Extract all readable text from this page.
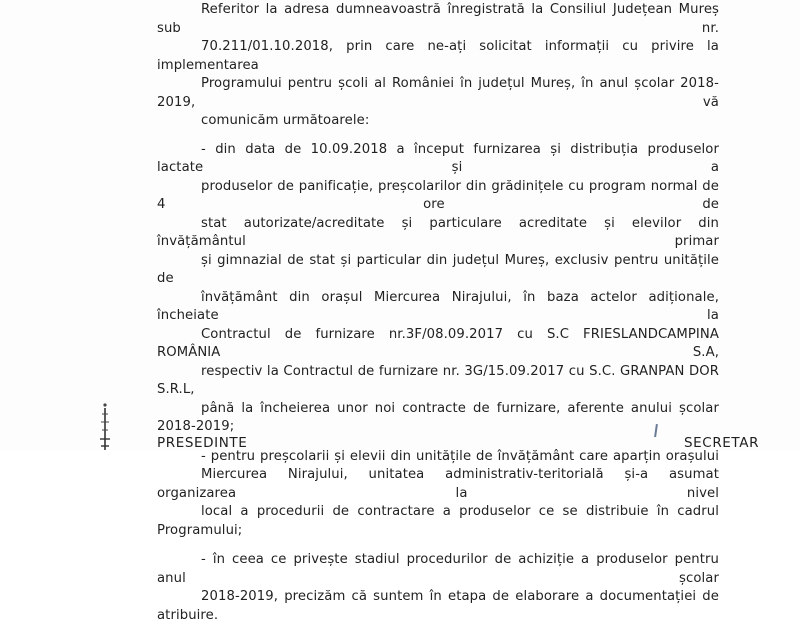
Referitor la adresa dumneavoastră înregistrată la Consiliul Județean Mureș sub nr.
70.211/01.10.2018, prin care ne-ați solicitat informații cu privire la implementarea
Programului pentru școli al României în județul Mureș, în anul școlar 2018-2019, vă
comunicăm următoarele:

- din data de 10.09.2018 a început furnizarea și distribuția produselor lactate și a
produselor de panificație, preșcolarilor din grădinițele cu program normal de 4 ore de
stat autorizate/acreditate și particulare acreditate și elevilor din învățământul primar
și gimnazial de stat și particular din județul Mureș, exclusiv pentru unitățile de
învățământ din orașul Miercurea Nirajului, în baza actelor adiționale, încheiate la
Contractul de furnizare nr.3F/08.09.2017 cu S.C FRIESLANDCAMPINA ROMÂNIA S.A,
respectiv la Contractul de furnizare nr. 3G/15.09.2017 cu S.C. GRANPAN DOR S.R.L,
până la încheierea unor noi contracte de furnizare, aferente anului școlar 2018-2019;

- pentru preșcolarii și elevii din unitățile de învățământ care aparțin orașului
Miercurea Nirajului, unitatea administrativ-teritorială și-a asumat organizarea la nivel
local a procedurii de contractare a produselor ce se distribuie în cadrul Programului;

- în ceea ce privește stadiul procedurilor de achiziție a produselor pentru anul școlar
2018-2019, precizăm că suntem în etapa de elaborare a documentației de atribuire.

PRESEDINTE	SECRETAR
